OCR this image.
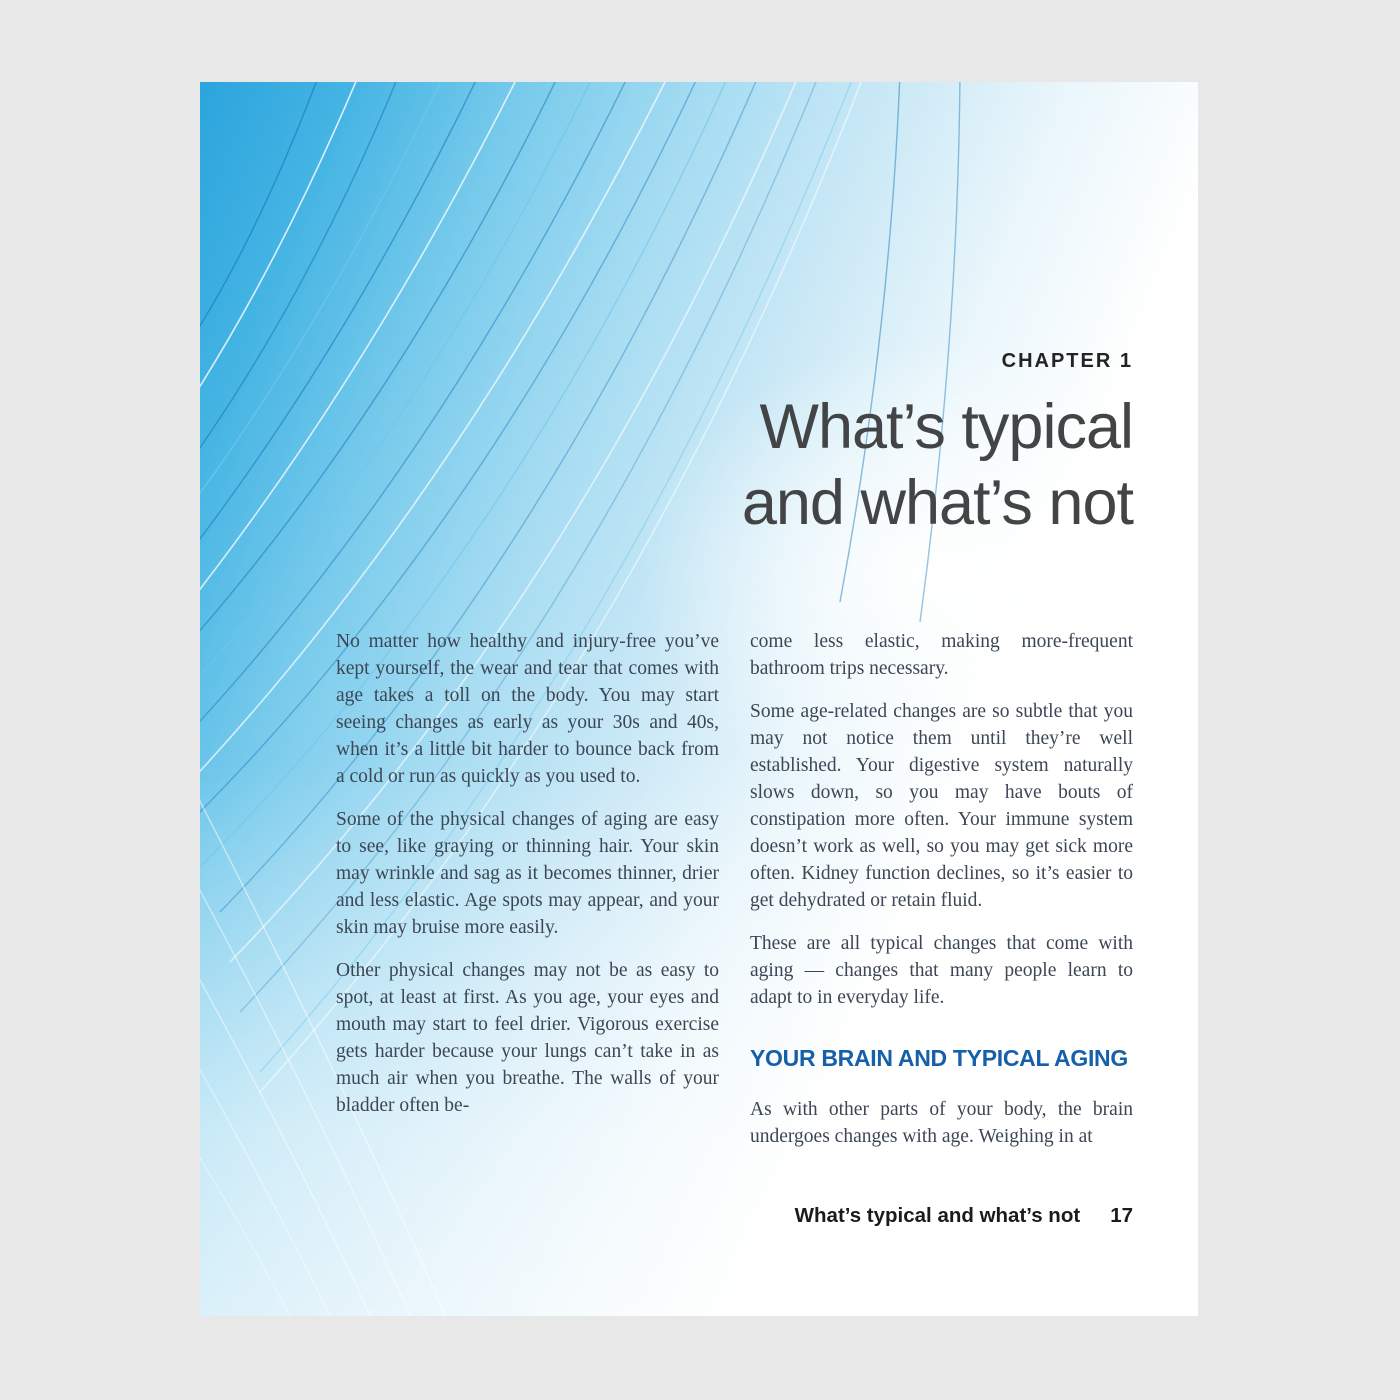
CHAPTER 1
What’s typical
and what’s not

No matter how healthy and injury-free you’ve kept yourself, the wear and tear that comes with age takes a toll on the body. You may start seeing changes as early as your 30s and 40s, when it’s a little bit harder to bounce back from a cold or run as quickly as you used to.

Some of the physical changes of aging are easy to see, like graying or thinning hair. Your skin may wrinkle and sag as it becomes thinner, drier and less elastic. Age spots may appear, and your skin may bruise more easily.

Other physical changes may not be as easy to spot, at least at first. As you age, your eyes and mouth may start to feel drier. Vigorous exercise gets harder because your lungs can’t take in as much air when you breathe. The walls of your bladder often be-

come less elastic, making more-frequent bathroom trips necessary.

Some age-related changes are so subtle that you may not notice them until they’re well established. Your digestive system naturally slows down, so you may have bouts of constipation more often. Your immune system doesn’t work as well, so you may get sick more often. Kidney function declines, so it’s easier to get dehydrated or retain fluid.

These are all typical changes that come with aging — changes that many people learn to adapt to in everyday life.

YOUR BRAIN AND TYPICAL AGING

As with other parts of your body, the brain undergoes changes with age. Weighing in at

What’s typical and what’s not 17
